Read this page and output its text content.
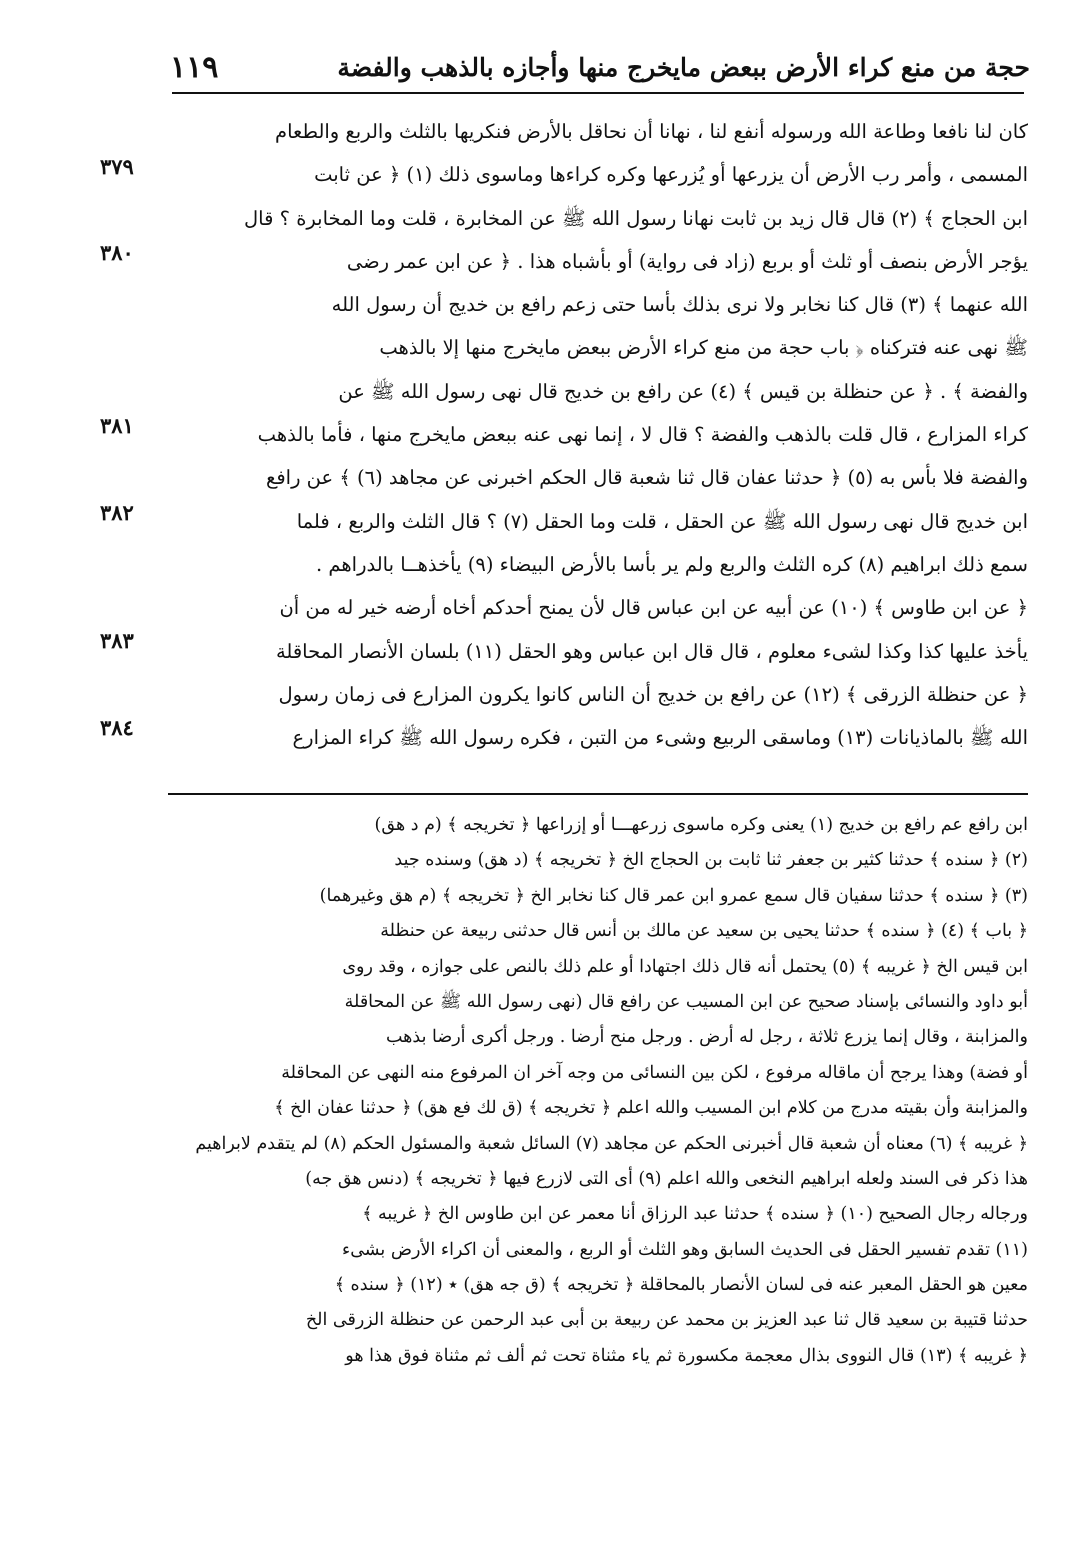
حجة من منع كراء الأرض ببعض مايخرج منها وأجازه بالذهب والفضة
١١٩
٣٧٩
٣٨٠
٣٨١
٣٨٢
٣٨٣
٣٨٤
كان لنا نافعا وطاعة الله ورسوله أنفع لنا ، نهانا أن نحاقل بالأرض فنكريها بالثلث والربع والطعام
المسمى ، وأمر رب الأرض أن يزرعها أو يُزرعها وكره كراءها وماسوى ذلك (١) ﴿ عن ثابت
ابن الحجاج ﴾ (٢) قال قال زيد بن ثابت نهانا رسول الله ﷺ عن المخابرة ، قلت وما المخابرة ؟ قال
يؤجر الأرض بنصف أو ثلث أو بربع (زاد فى رواية) أو بأشباه هذا . ﴿ عن ابن عمر رضى
الله عنهما ﴾ (٣) قال كنا نخابر ولا نرى بذلك بأسا حتى زعم رافع بن خديج أن رسول الله
ﷺ نهى عنه فتركناه ﴿ باب حجة من منع كراء الأرض ببعض مايخرج منها إلا بالذهب
والفضة ﴾ . ﴿ عن حنظلة بن قيس ﴾ (٤) عن رافع بن خديج قال نهى رسول الله ﷺ عن
كراء المزارع ، قال قلت بالذهب والفضة ؟ قال لا ، إنما نهى عنه ببعض مايخرج منها ، فأما بالذهب
والفضة فلا بأس به (٥) ﴿ حدثنا عفان قال ثنا شعبة قال الحكم اخبرنى عن مجاهد (٦) ﴾ عن رافع
ابن خديج قال نهى رسول الله ﷺ عن الحقل ، قلت وما الحقل (٧) ؟ قال الثلث والربع ، فلما
سمع ذلك ابراهيم (٨) كره الثلث والربع ولم ير بأسا بالأرض البيضاء (٩) يأخذهــا بالدراهم .
﴿ عن ابن طاوس ﴾ (١٠) عن أبيه عن ابن عباس قال لأن يمنح أحدكم أخاه أرضه خير له من أن
يأخذ عليها كذا وكذا لشىء معلوم ، قال قال ابن عباس وهو الحقل (١١) بلسان الأنصار المحاقلة
﴿ عن حنظلة الزرقى ﴾ (١٢) عن رافع بن خديج أن الناس كانوا يكرون المزارع فى زمان رسول
الله ﷺ بالماذيانات (١٣) وماسقى الربيع وشىء من التبن ، فكره رسول الله ﷺ كراء المزارع
ابن رافع عم رافع بن خديج (١) يعنى وكره ماسوى زرعهـــا أو إزراعها ﴿ تخريجه ﴾ (م د هق)
(٢) ﴿ سنده ﴾ حدثنا كثير بن جعفر ثنا ثابت بن الحجاج الخ ﴿ تخريجه ﴾ (د هق) وسنده جيد
(٣) ﴿ سنده ﴾ حدثنا سفيان قال سمع عمرو ابن عمر قال كنا نخابر الخ ﴿ تخريجه ﴾ (م هق وغيرهما)
﴿ باب ﴾ (٤) ﴿ سنده ﴾ حدثنا يحيى بن سعيد عن مالك بن أنس قال حدثنى ربيعة عن حنظلة
ابن قيس الخ ﴿ غريبه ﴾ (٥) يحتمل أنه قال ذلك اجتهادا أو علم ذلك بالنص على جوازه ، وقد روى
أبو داود والنسائى بإسناد صحيح عن ابن المسيب عن رافع قال (نهى رسول الله ﷺ عن المحاقلة
والمزابنة ، وقال إنما يزرع ثلاثة ، رجل له أرض . ورجل منح أرضا . ورجل أكرى أرضا بذهب
أو فضة) وهذا يرجح أن ماقاله مرفوع ، لكن بين النسائى من وجه آخر ان المرفوع منه النهى عن المحاقلة
والمزابنة وأن بقيته مدرج من كلام ابن المسيب والله اعلم ﴿ تخريجه ﴾ (ق لك فع هق) ﴿ حدثنا عفان الخ ﴾
﴿ غريبه ﴾ (٦) معناه أن شعبة قال أخبرنى الحكم عن مجاهد (٧) السائل شعبة والمسئول الحكم (٨) لم يتقدم لابراهيم
هذا ذكر فى السند ولعله ابراهيم النخعى والله اعلم (٩) أى التى لازرع فيها ﴿ تخريجه ﴾ (دنس هق جه)
ورجاله رجال الصحيح (١٠) ﴿ سنده ﴾ حدثنا عبد الرزاق أنا معمر عن ابن طاوس الخ ﴿ غريبه ﴾
(١١) تقدم تفسير الحقل فى الحديث السابق وهو الثلث أو الربع ، والمعنى أن اكراء الأرض بشىء
معين هو الحقل المعبر عنه فى لسان الأنصار بالمحاقلة ﴿ تخريجه ﴾ (ق جه هق) ٭ (١٢) ﴿ سنده ﴾
حدثنا قتيبة بن سعيد قال ثنا عبد العزيز بن محمد عن ربيعة بن أبى عبد الرحمن عن حنظلة الزرقى الخ
﴿ غريبه ﴾ (١٣) قال النووى بذال معجمة مكسورة ثم ياء مثناة تحت ثم ألف ثم مثناة فوق هذا هو
